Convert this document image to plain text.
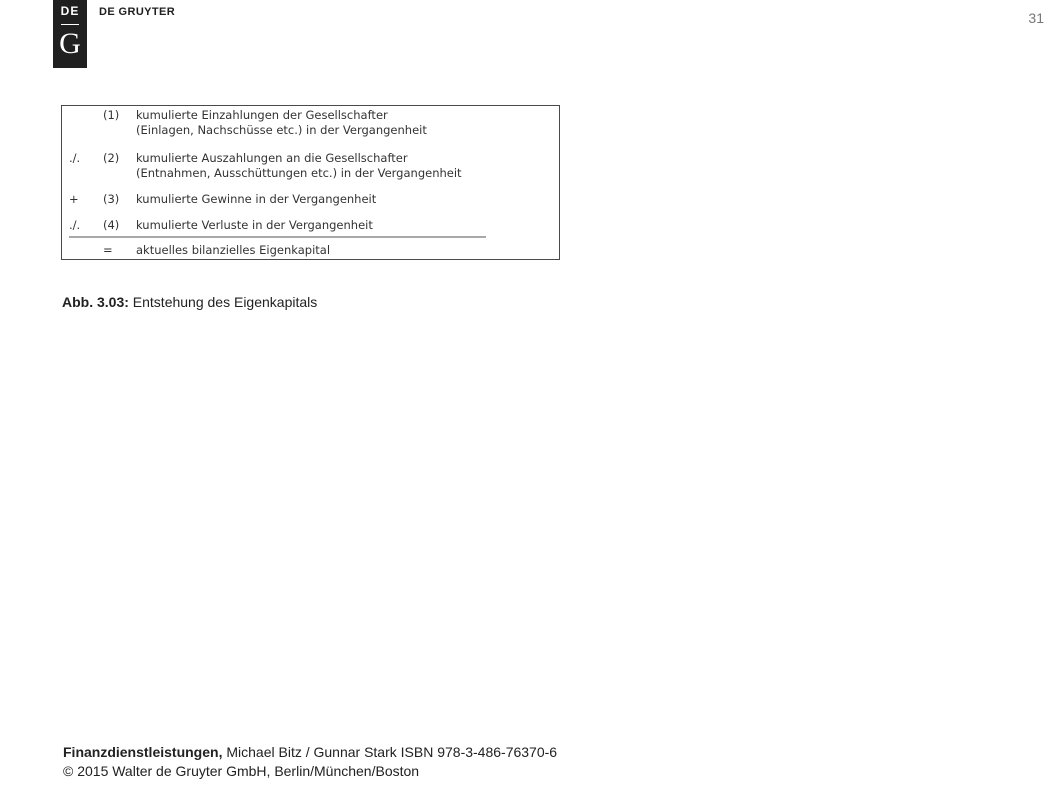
DE
G
DE GRUYTER	31
(1) kumulierte Einzahlungen der Gesellschafter
(Einlagen, Nachschüsse etc.) in der Vergangenheit
./. (2) kumulierte Auszahlungen an die Gesellschafter
(Entnahmen, Ausschüttungen etc.) in der Vergangenheit
+ (3) kumulierte Gewinne in der Vergangenheit
./. (4) kumulierte Verluste in der Vergangenheit
= aktuelles bilanzielles Eigenkapital
Abb. 3.03: Entstehung des Eigenkapitals
Finanzdienstleistungen, Michael Bitz / Gunnar Stark ISBN 978-3-486-76370-6
© 2015 Walter de Gruyter GmbH, Berlin/München/Boston
